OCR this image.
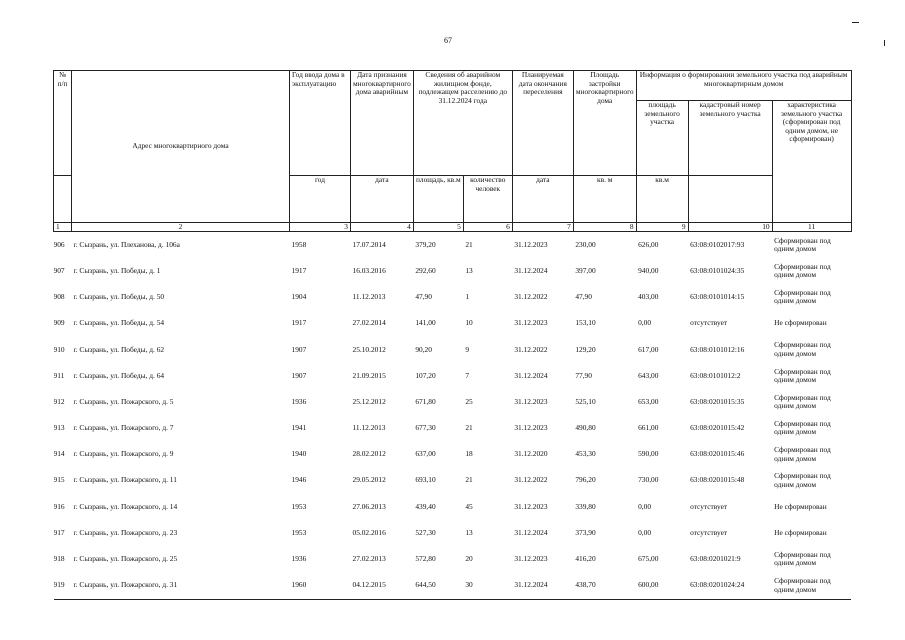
67
№ п/п	Адрес многоквартирного дома	Год ввода дома в эксплуатацию	Дата признания многоквартирного дома аварийным	Сведения об аварийном жилищном фонде, подлежащем расселению до 31.12.2024 года		Планируемая дата окончания переселения	Площадь застройки многоквартирного дома	Информация о формировании земельного участка под аварийным многоквартирным домом		
								площадь земельного участка	кадастровый номер земельного участка	характеристика земельного участка (сформирован под одним домом, не сформирован)
		год	дата	площадь, кв.м	количество человек	дата	кв. м	кв.м		
1	2	3	4	5	6	7	8	9	10	11
906	г. Сызрань, ул. Плеханова, д. 106а	1958	17.07.2014	379,20	21	31.12.2023	230,00	626,00	63:08:0102017:93	Сформирован под одним домом
907	г. Сызрань, ул. Победы, д. 1	1917	16.03.2016	292,60	13	31.12.2024	397,00	940,00	63:08:0101024:35	Сформирован под одним домом
908	г. Сызрань, ул. Победы, д. 50	1904	11.12.2013	47,90	1	31.12.2022	47,90	403,00	63:08:0101014:15	Сформирован под одним домом
909	г. Сызрань, ул. Победы, д. 54	1917	27.02.2014	141,00	10	31.12.2023	153,10	0,00	отсутствует	Не сформирован
910	г. Сызрань, ул. Победы, д. 62	1907	25.10.2012	90,20	9	31.12.2022	129,20	617,00	63:08:0101012:16	Сформирован под одним домом
911	г. Сызрань, ул. Победы, д. 64	1907	21.09.2015	107,20	7	31.12.2024	77,90	643,00	63:08:0101012:2	Сформирован под одним домом
912	г. Сызрань, ул. Пожарского, д. 5	1936	25.12.2012	671,80	25	31.12.2023	525,10	653,00	63:08:0201015:35	Сформирован под одним домом
913	г. Сызрань, ул. Пожарского, д. 7	1941	11.12.2013	677,30	21	31.12.2023	490,80	661,00	63:08:0201015:42	Сформирован под одним домом
914	г. Сызрань, ул. Пожарского, д. 9	1940	28.02.2012	637,00	18	31.12.2020	453,30	590,00	63:08:0201015:46	Сформирован под одним домом
915	г. Сызрань, ул. Пожарского, д. 11	1946	29.05.2012	693,10	21	31.12.2022	796,20	730,00	63:08:0201015:48	Сформирован под одним домом
916	г. Сызрань, ул. Пожарского, д. 14	1953	27.06.2013	439,40	45	31.12.2023	339,80	0,00	отсутствует	Не сформирован
917	г. Сызрань, ул. Пожарского, д. 23	1953	05.02.2016	527,30	13	31.12.2024	373,90	0,00	отсутствует	Не сформирован
918	г. Сызрань, ул. Пожарского, д. 25	1936	27.02.2013	572,80	20	31.12.2023	416,20	675,00	63:08:0201021:9	Сформирован под одним домом
919	г. Сызрань, ул. Пожарского, д. 31	1960	04.12.2015	644,50	30	31.12.2024	438,70	600,00	63:08:0201024:24	Сформирован под одним домом
